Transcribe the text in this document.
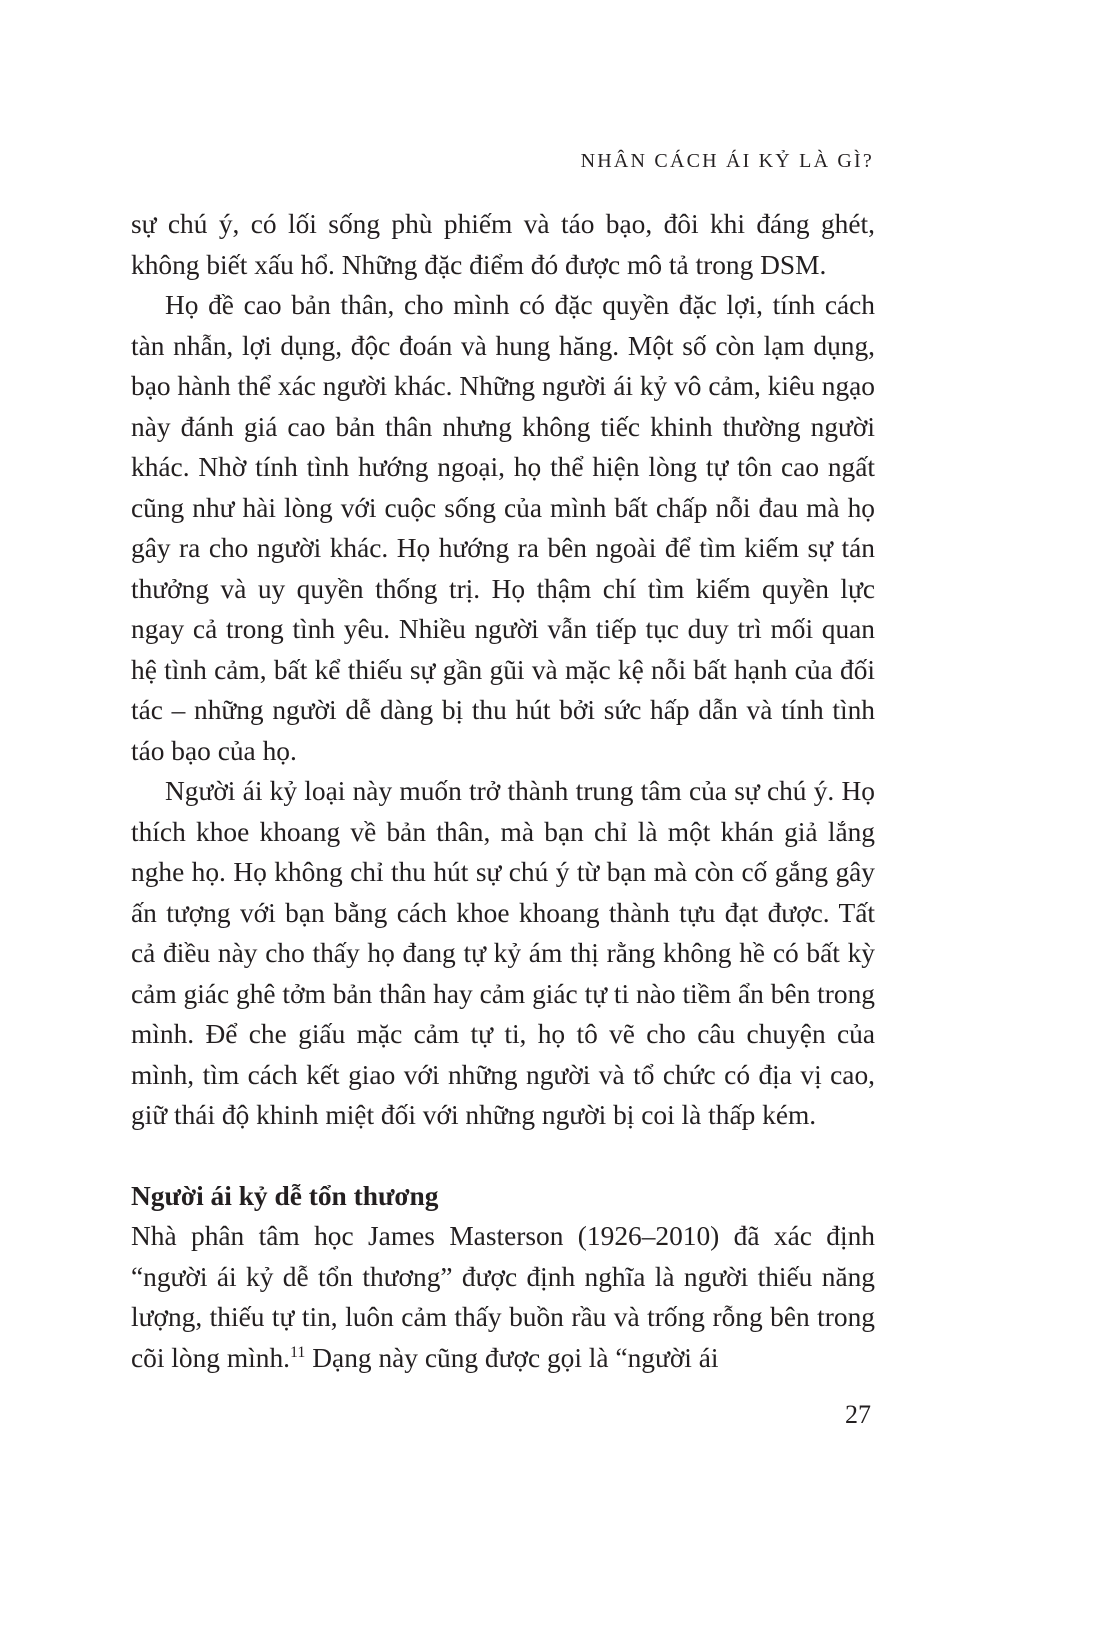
NHÂN CÁCH ÁI KỶ LÀ GÌ?

sự chú ý, có lối sống phù phiếm và táo bạo, đôi khi đáng ghét, không biết xấu hổ. Những đặc điểm đó được mô tả trong DSM.

Họ đề cao bản thân, cho mình có đặc quyền đặc lợi, tính cách tàn nhẫn, lợi dụng, độc đoán và hung hăng. Một số còn lạm dụng, bạo hành thể xác người khác. Những người ái kỷ vô cảm, kiêu ngạo này đánh giá cao bản thân nhưng không tiếc khinh thường người khác. Nhờ tính tình hướng ngoại, họ thể hiện lòng tự tôn cao ngất cũng như hài lòng với cuộc sống của mình bất chấp nỗi đau mà họ gây ra cho người khác. Họ hướng ra bên ngoài để tìm kiếm sự tán thưởng và uy quyền thống trị. Họ thậm chí tìm kiếm quyền lực ngay cả trong tình yêu. Nhiều người vẫn tiếp tục duy trì mối quan hệ tình cảm, bất kể thiếu sự gần gũi và mặc kệ nỗi bất hạnh của đối tác – những người dễ dàng bị thu hút bởi sức hấp dẫn và tính tình táo bạo của họ.

Người ái kỷ loại này muốn trở thành trung tâm của sự chú ý. Họ thích khoe khoang về bản thân, mà bạn chỉ là một khán giả lắng nghe họ. Họ không chỉ thu hút sự chú ý từ bạn mà còn cố gắng gây ấn tượng với bạn bằng cách khoe khoang thành tựu đạt được. Tất cả điều này cho thấy họ đang tự kỷ ám thị rằng không hề có bất kỳ cảm giác ghê tởm bản thân hay cảm giác tự ti nào tiềm ẩn bên trong mình. Để che giấu mặc cảm tự ti, họ tô vẽ cho câu chuyện của mình, tìm cách kết giao với những người và tổ chức có địa vị cao, giữ thái độ khinh miệt đối với những người bị coi là thấp kém.

Người ái kỷ dễ tổn thương

Nhà phân tâm học James Masterson (1926–2010) đã xác định “người ái kỷ dễ tổn thương” được định nghĩa là người thiếu năng lượng, thiếu tự tin, luôn cảm thấy buồn rầu và trống rỗng bên trong cõi lòng mình.$^{11}$ Dạng này cũng được gọi là “người ái

27
